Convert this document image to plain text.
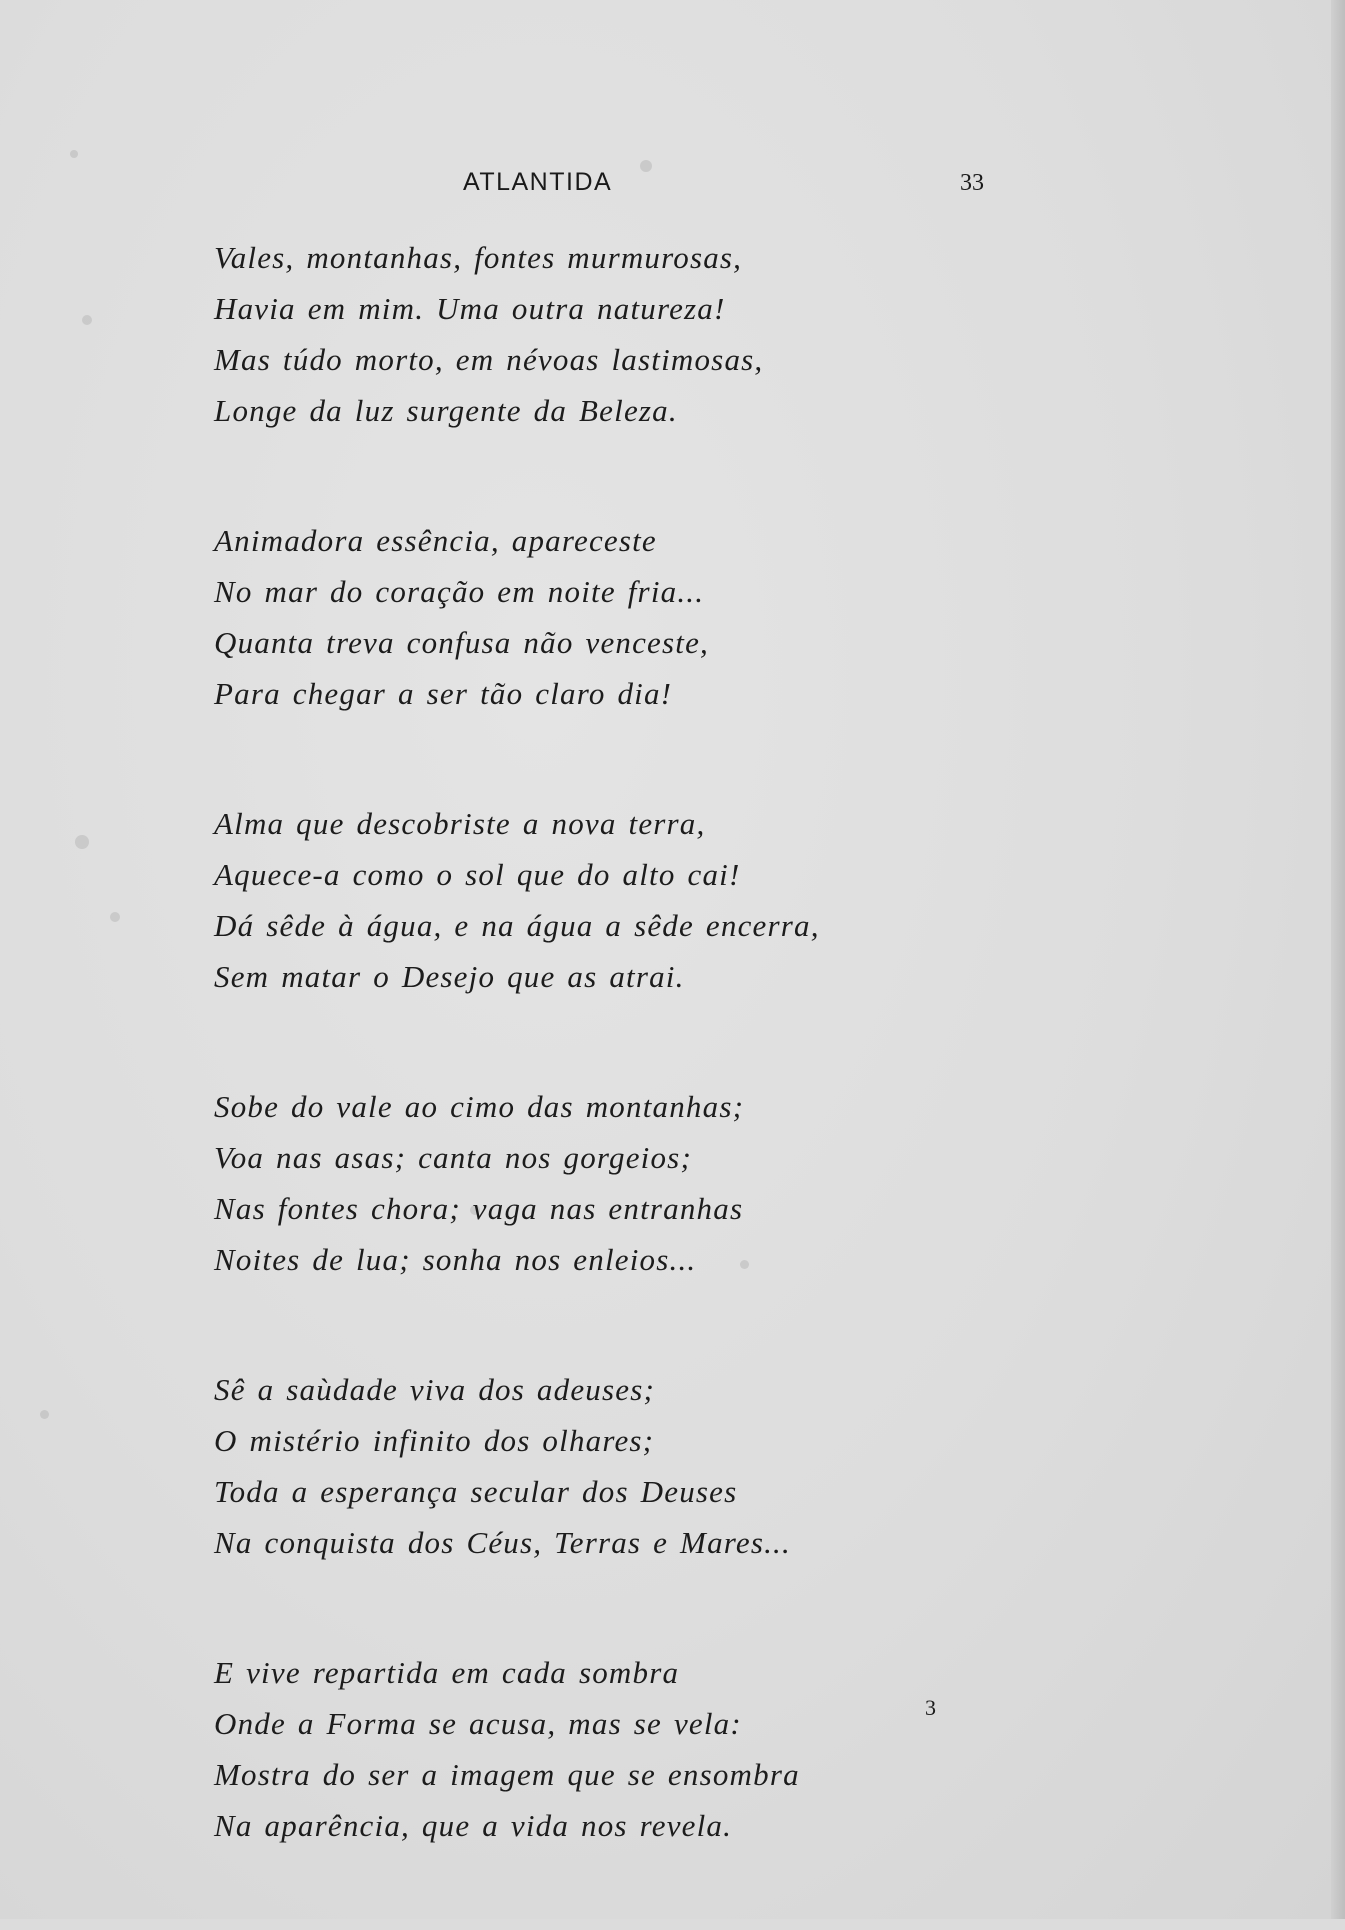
ATLANTIDA	33
Vales, montanhas, fontes murmurosas,
Havia em mim. Uma outra natureza!
Mas túdo morto, em névoas lastimosas,
Longe da luz surgente da Beleza.
Animadora essência, apareceste
No mar do coração em noite fria...
Quanta treva confusa não venceste,
Para chegar a ser tão claro dia!
Alma que descobriste a nova terra,
Aquece-a como o sol que do alto cai!
Dá sêde à água, e na água a sêde encerra,
Sem matar o Desejo que as atrai.
Sobe do vale ao cimo das montanhas;
Voa nas asas; canta nos gorgeios;
Nas fontes chora; vaga nas entranhas
Noites de lua; sonha nos enleios...
Sê a saùdade viva dos adeuses;
O mistério infinito dos olhares;
Toda a esperança secular dos Deuses
Na conquista dos Céus, Terras e Mares...
E vive repartida em cada sombra
Onde a Forma se acusa, mas se vela:
Mostra do ser a imagem que se ensombra
Na aparência, que a vida nos revela.
3
